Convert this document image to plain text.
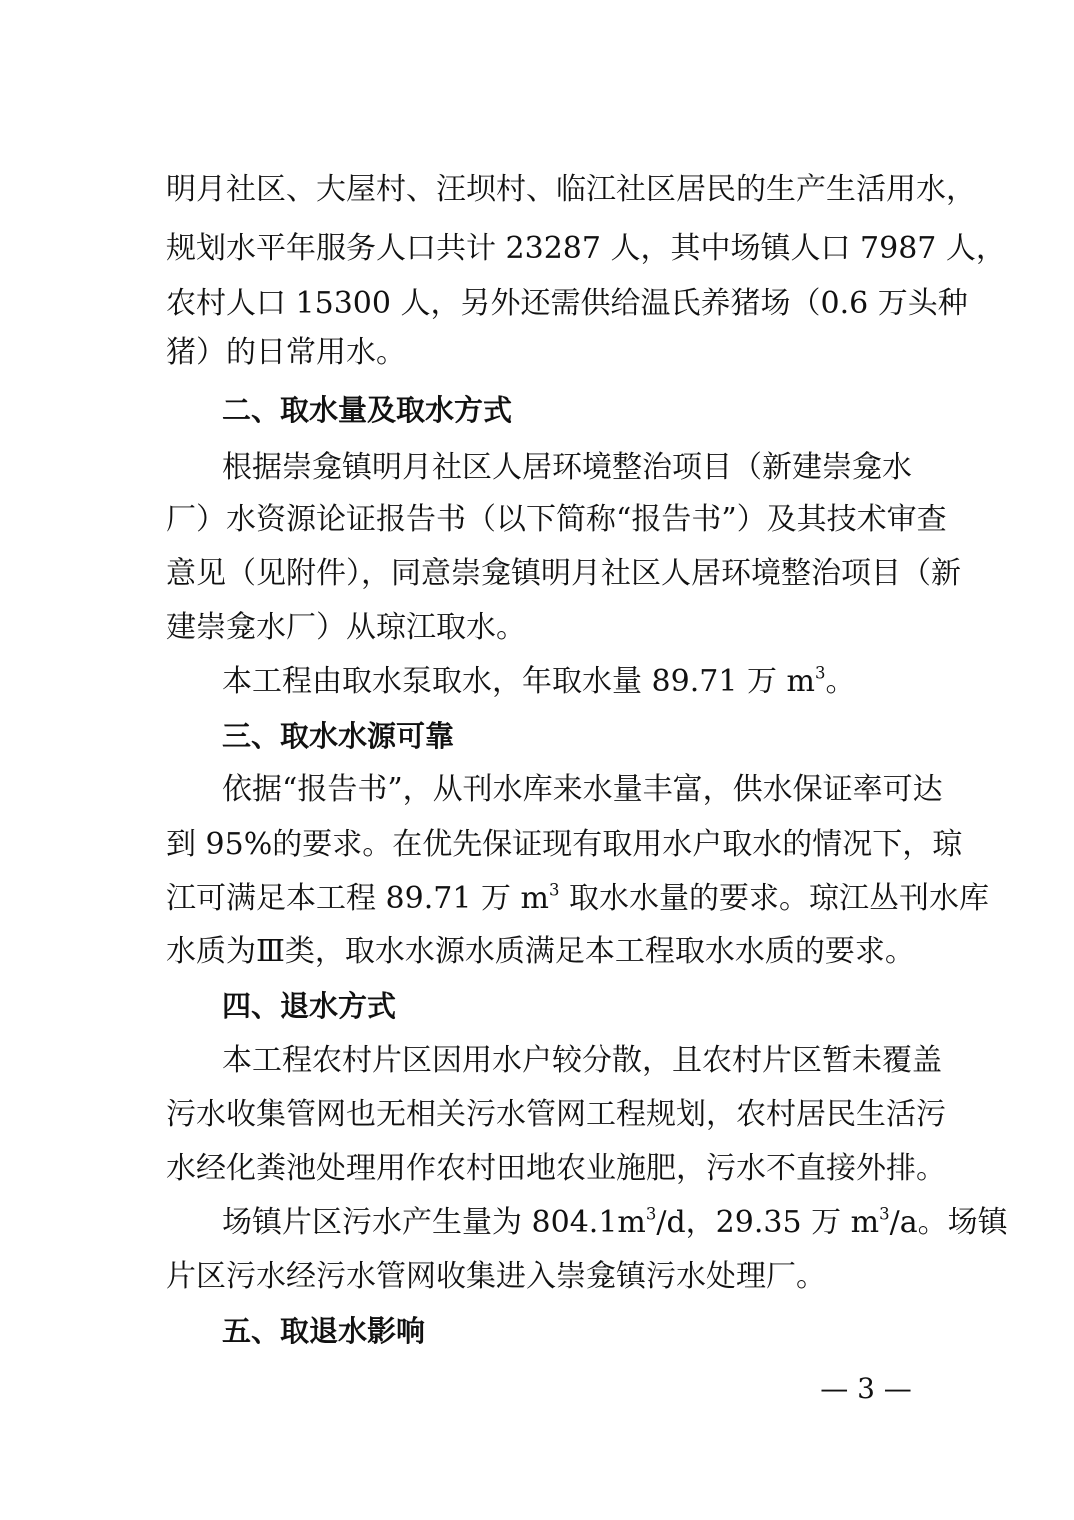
明月社区、大屋村、汪坝村、临江社区居民的生产生活用水，
规划水平年服务人口共计 23287 人，其中场镇人口 7987 人，
农村人口 15300 人，另外还需供给温氏养猪场（0.6 万头种
猪）的日常用水。
二、取水量及取水方式
根据崇龛镇明月社区人居环境整治项目（新建崇龛水
厂）水资源论证报告书（以下简称“报告书”）及其技术审查
意见（见附件），同意崇龛镇明月社区人居环境整治项目（新
建崇龛水厂）从琼江取水。
本工程由取水泵取水，年取水量 89.71 万 $m^3$。
三、取水水源可靠
依据“报告书”，从刊水库来水量丰富，供水保证率可达
到 95%的要求。在优先保证现有取用水户取水的情况下，琼
江可满足本工程 89.71 万 $m^3$ 取水水量的要求。琼江丛刊水库
水质为Ⅲ类，取水水源水质满足本工程取水水质的要求。
四、退水方式
本工程农村片区因用水户较分散，且农村片区暂未覆盖
污水收集管网也无相关污水管网工程规划，农村居民生活污
水经化粪池处理用作农村田地农业施肥，污水不直接外排。
场镇片区污水产生量为 $804.1m^3/d$，29.35 万 $m^3/a$。场镇
片区污水经污水管网收集进入崇龛镇污水处理厂。
五、取退水影响
— 3 —
